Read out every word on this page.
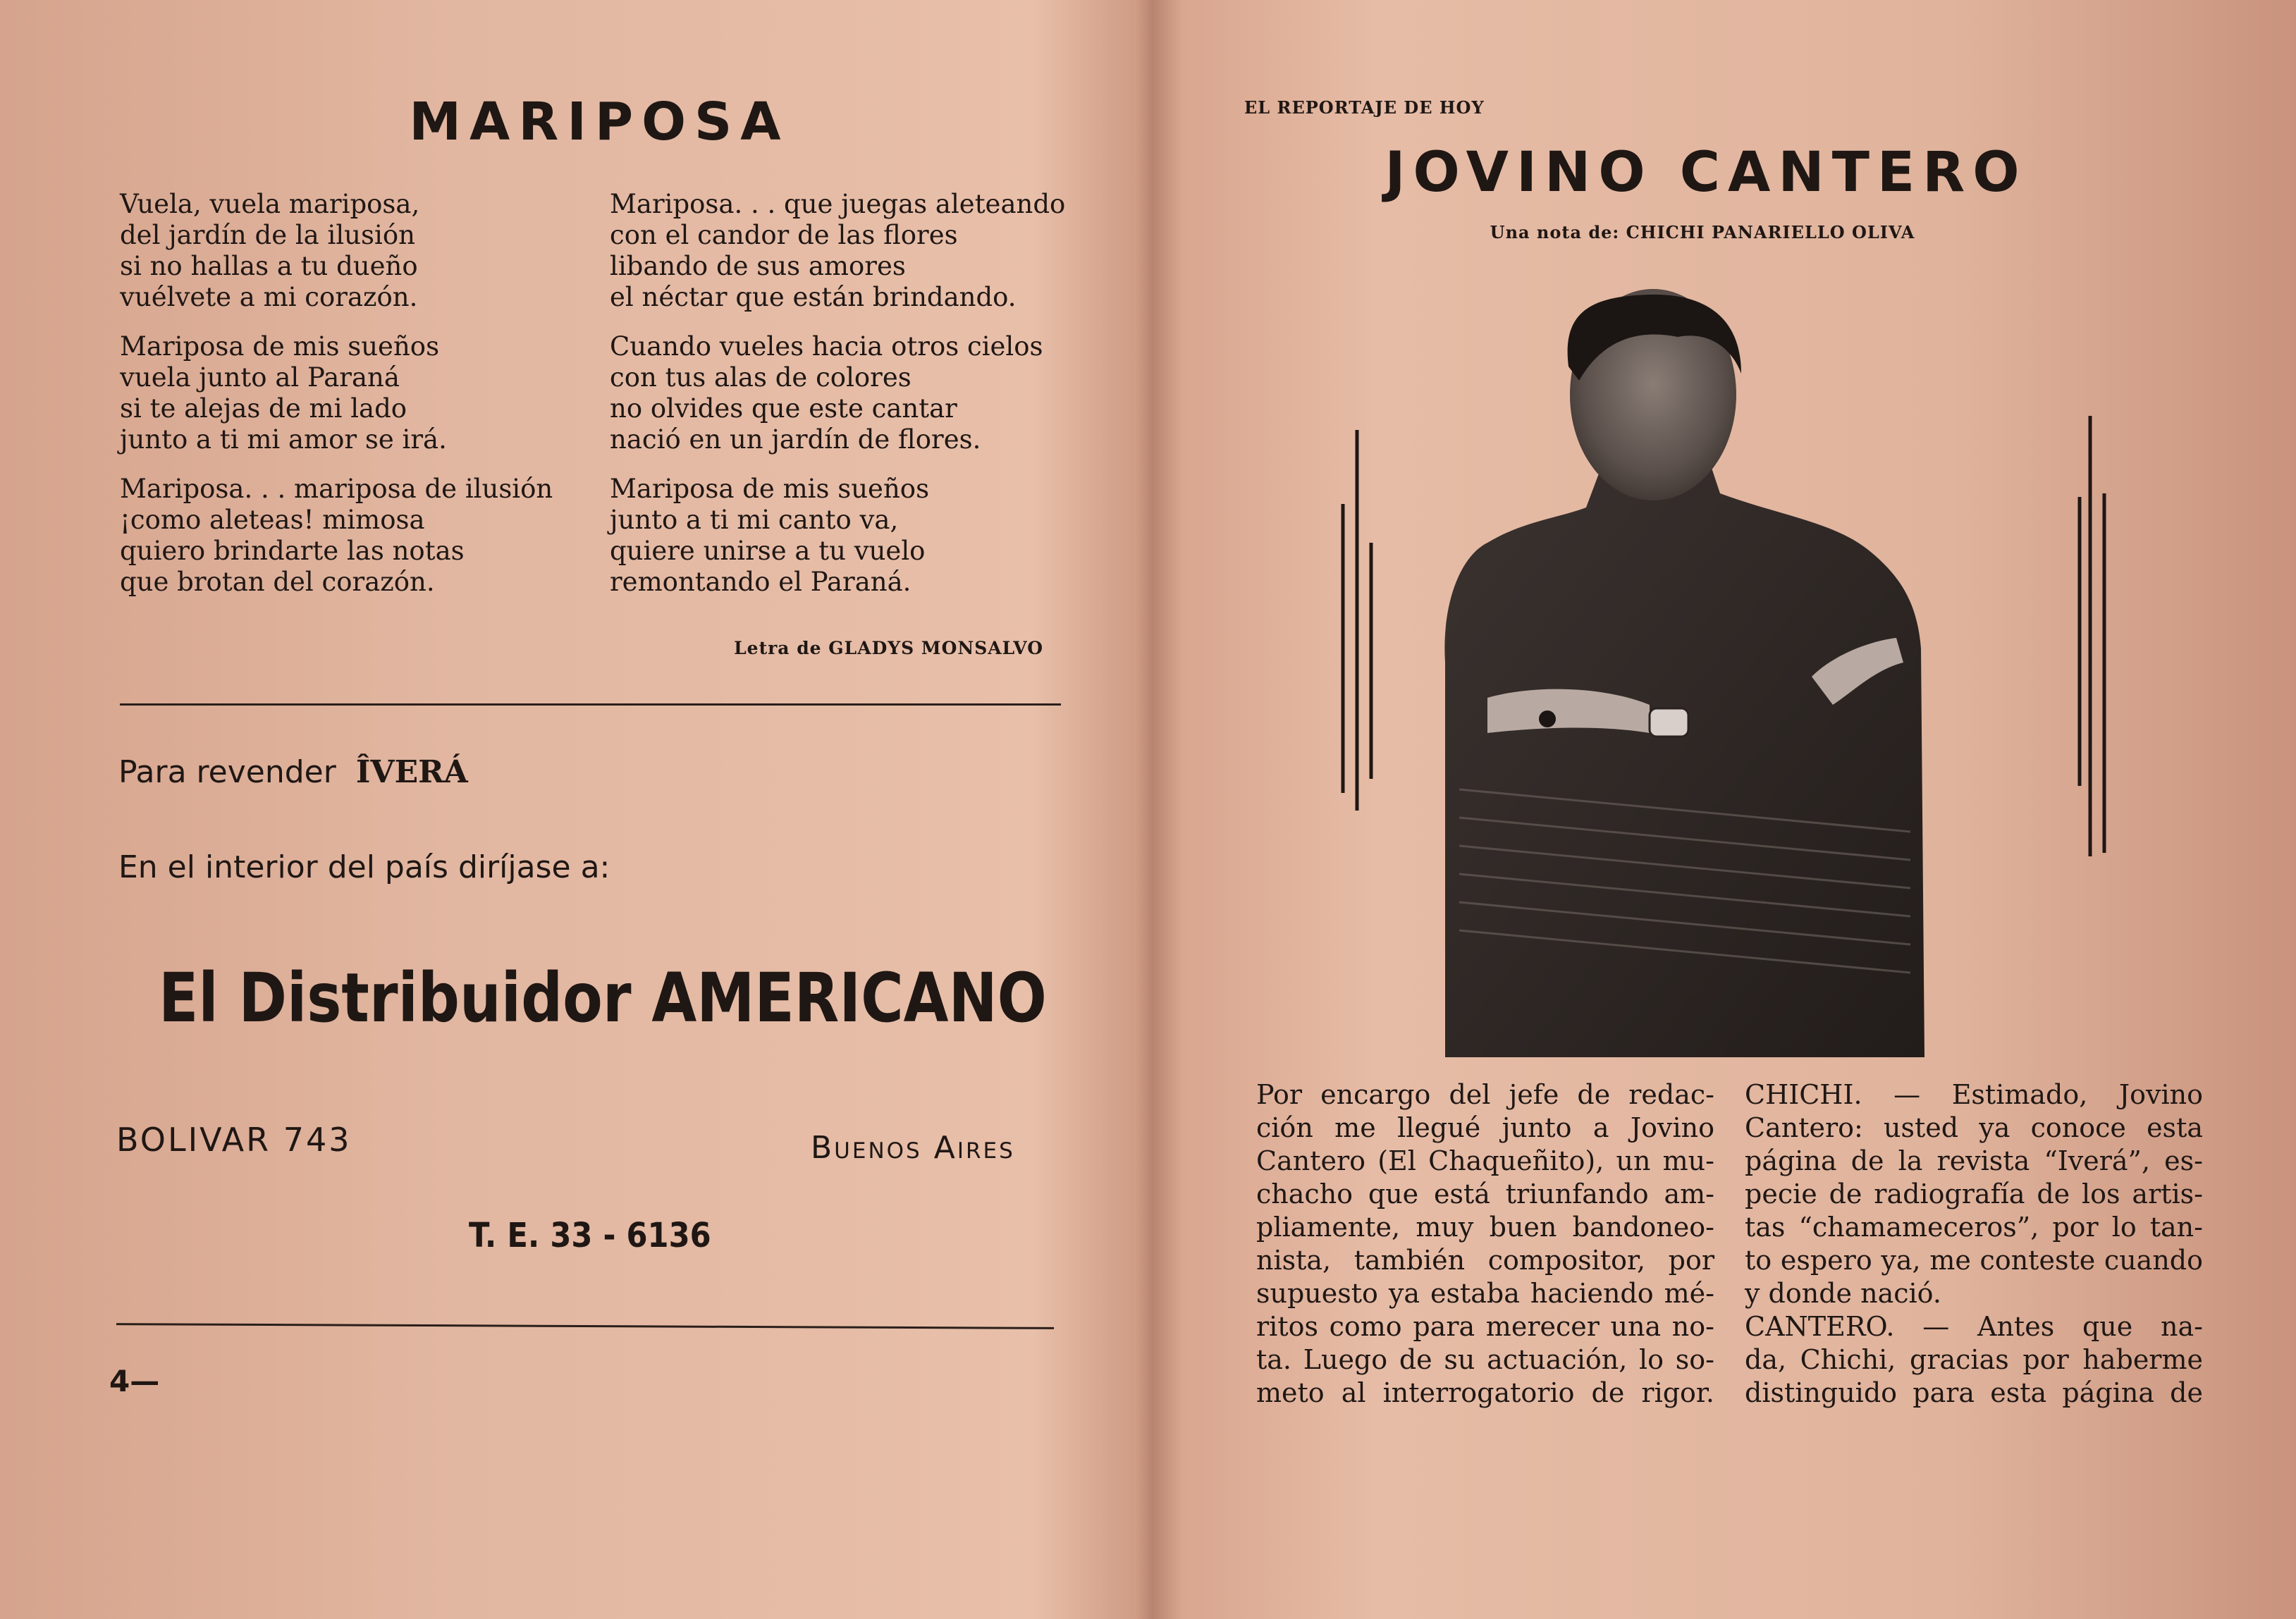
MARIPOSA
Vuela, vuela mariposa,
del jardín de la ilusión
si no hallas a tu dueño
vuélvete a mi corazón.
Mariposa de mis sueños
vuela junto al Paraná
si te alejas de mi lado
junto a ti mi amor se irá.
Mariposa. . . mariposa de ilusión
¡como aleteas! mimosa
quiero brindarte las notas
que brotan del corazón.
Mariposa. . . que juegas aleteando
con el candor de las flores
libando de sus amores
el néctar que están brindando.
Cuando vueles hacia otros cielos
con tus alas de colores
no olvides que este cantar
nació en un jardín de flores.
Mariposa de mis sueños
junto a ti mi canto va,
quiere unirse a tu vuelo
remontando el Paraná.
Letra de GLADYS MONSALVO
Para revender ÎVERÁ
En el interior del país diríjase a:
El Distribuidor AMERICANO
BOLIVAR 743	Buenos Aires
T. E. 33 - 6136
4—
EL REPORTAJE DE HOY
JOVINO CANTERO
Una nota de: CHICHI PANARIELLO OLIVA
Por encargo del jefe de redac-
ción me llegué junto a Jovino
Cantero (El Chaqueñito), un mu-
chacho que está triunfando am-
pliamente, muy buen bandoneo-
nista, también compositor, por
supuesto ya estaba haciendo mé-
ritos como para merecer una no-
ta. Luego de su actuación, lo so-
meto al interrogatorio de rigor.
CHICHI. — Estimado, Jovino
Cantero: usted ya conoce esta
página de la revista “Iverá”, es-
pecie de radiografía de los artis-
tas “chamameceros”, por lo tan-
to espero ya, me conteste cuando
y donde nació.
CANTERO. — Antes que na-
da, Chichi, gracias por haberme
distinguido para esta página de
